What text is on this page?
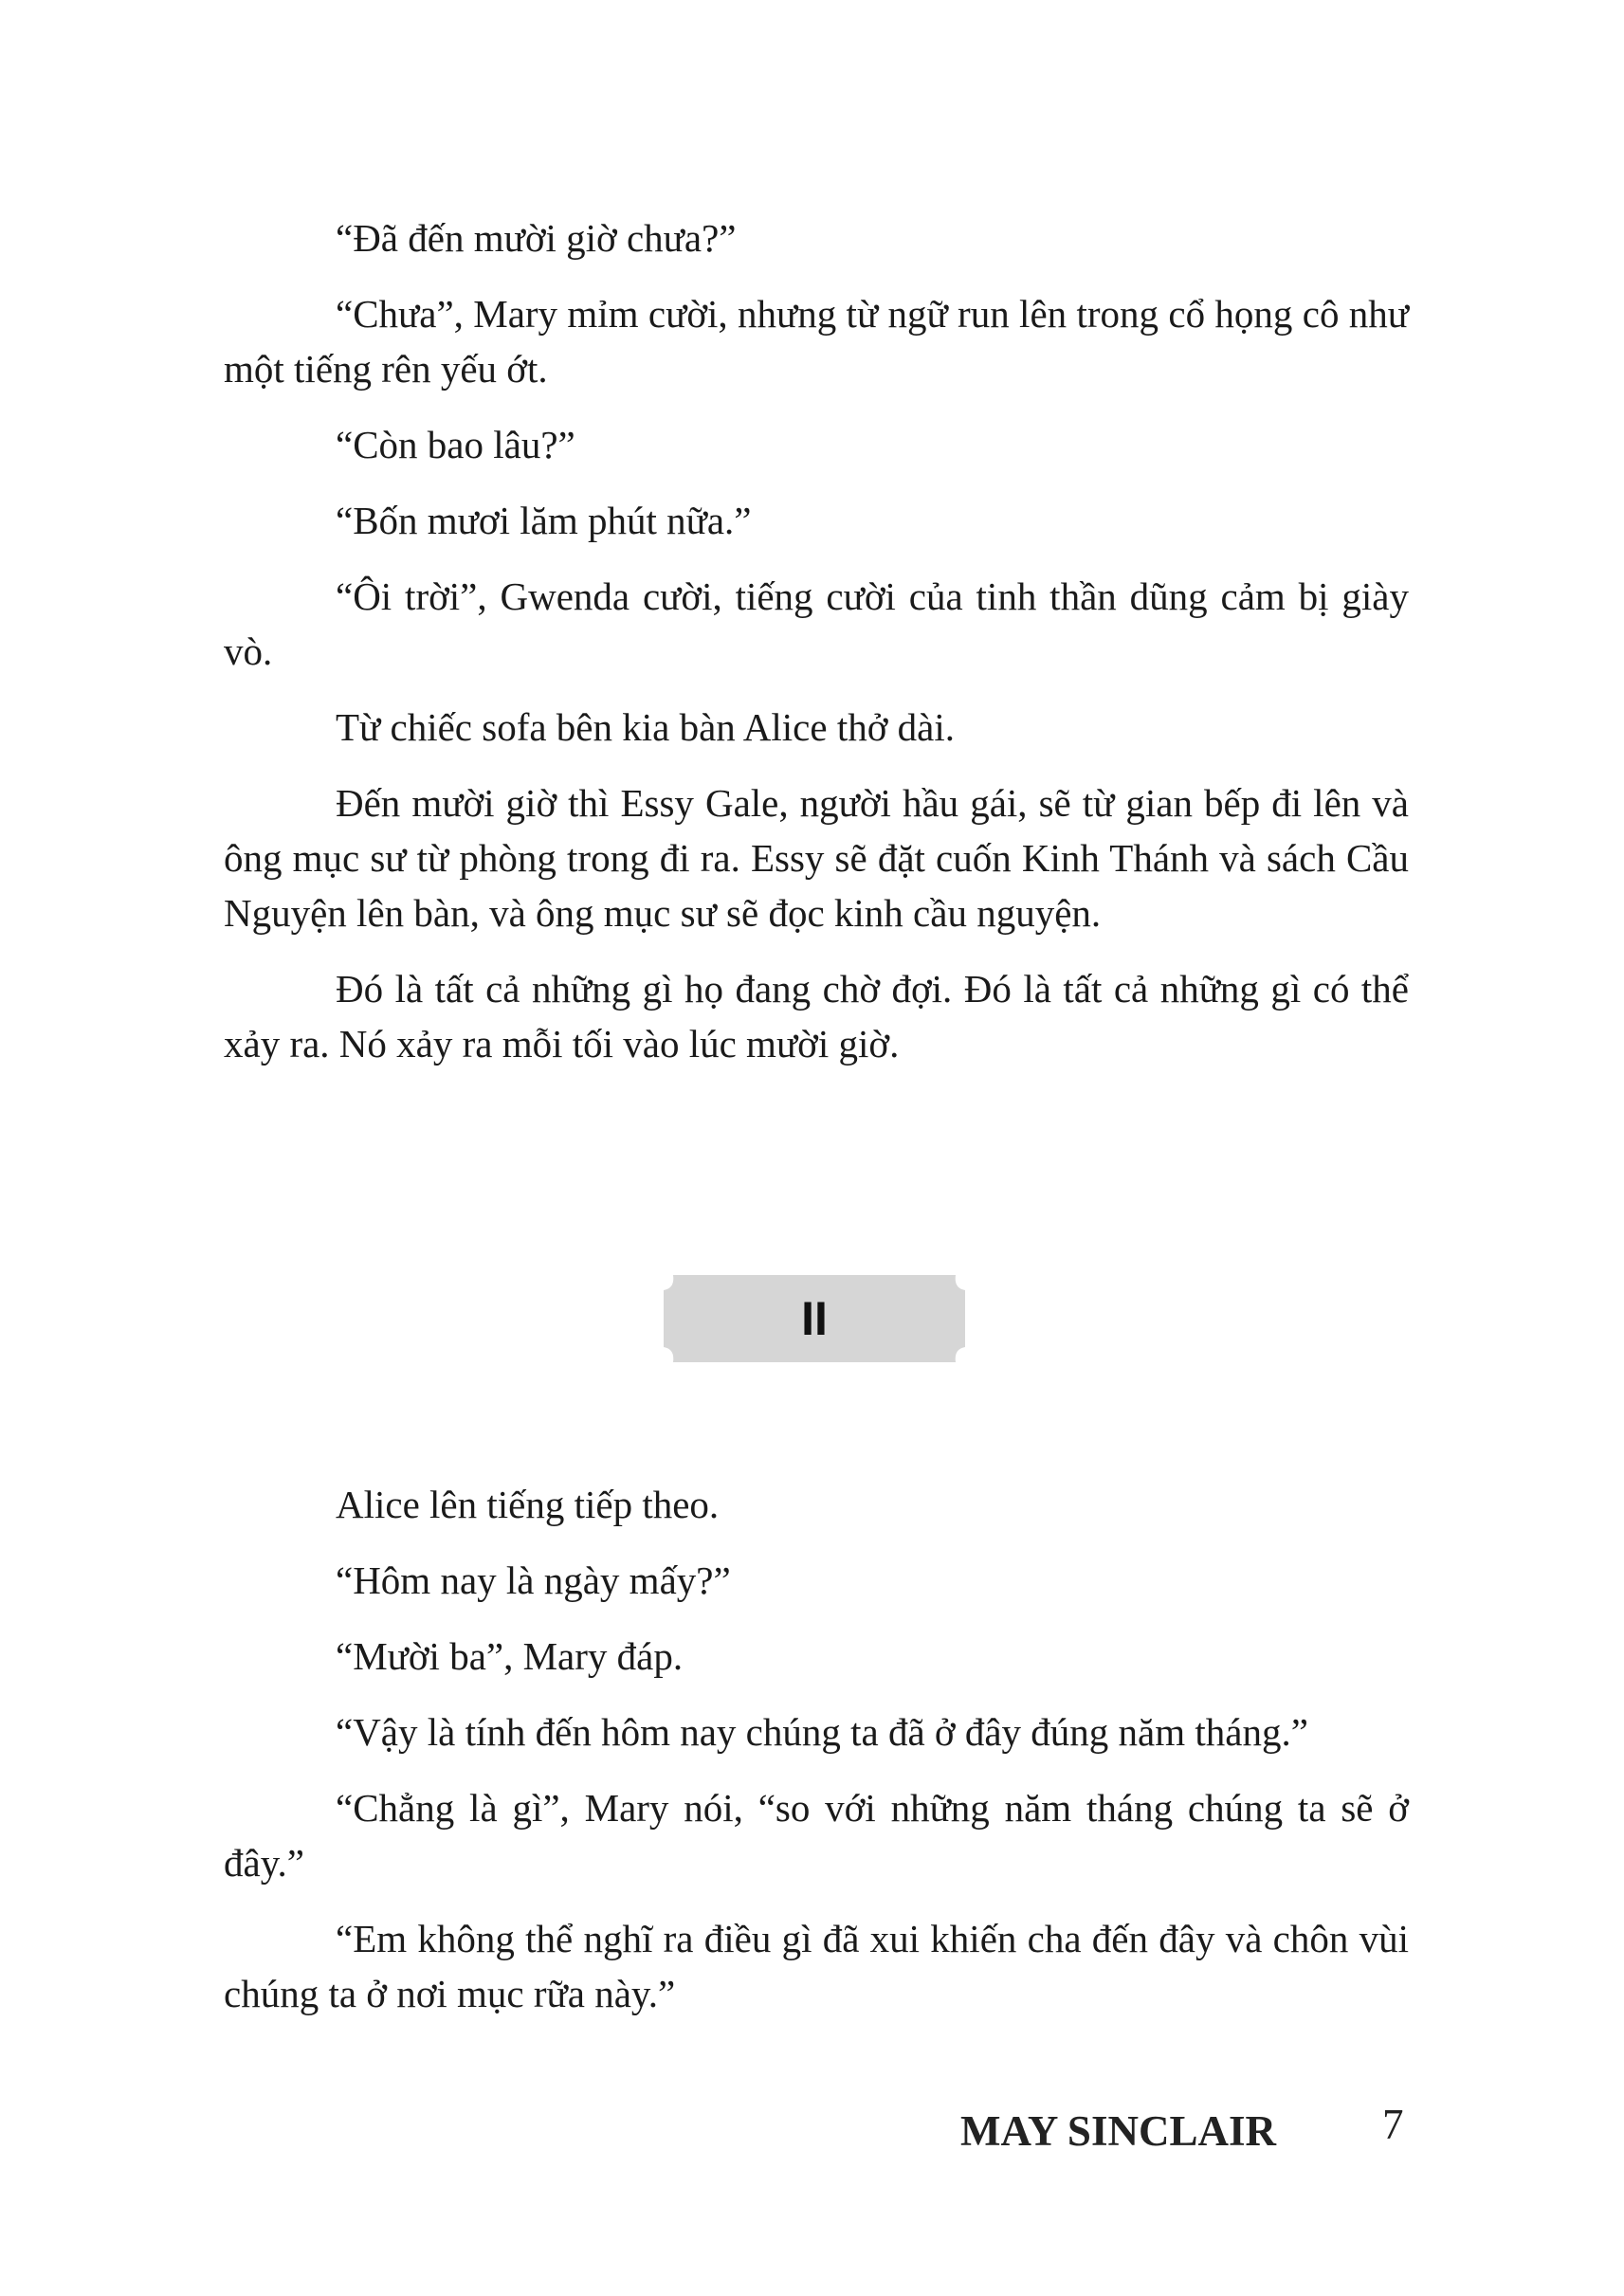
“Đã đến mười giờ chưa?”

“Chưa”, Mary mỉm cười, nhưng từ ngữ run lên trong cổ họng cô như một tiếng rên yếu ớt.

“Còn bao lâu?”

“Bốn mươi lăm phút nữa.”

“Ôi trời”, Gwenda cười, tiếng cười của tinh thần dũng cảm bị giày vò.

Từ chiếc sofa bên kia bàn Alice thở dài.

Đến mười giờ thì Essy Gale, người hầu gái, sẽ từ gian bếp đi lên và ông mục sư từ phòng trong đi ra. Essy sẽ đặt cuốn Kinh Thánh và sách Cầu Nguyện lên bàn, và ông mục sư sẽ đọc kinh cầu nguyện.

Đó là tất cả những gì họ đang chờ đợi. Đó là tất cả những gì có thể xảy ra. Nó xảy ra mỗi tối vào lúc mười giờ.

II

Alice lên tiếng tiếp theo.

“Hôm nay là ngày mấy?”

“Mười ba”, Mary đáp.

“Vậy là tính đến hôm nay chúng ta đã ở đây đúng năm tháng.”

“Chẳng là gì”, Mary nói, “so với những năm tháng chúng ta sẽ ở đây.”

“Em không thể nghĩ ra điều gì đã xui khiến cha đến đây và chôn vùi chúng ta ở nơi mục rữa này.”

MAY SINCLAIR 7
